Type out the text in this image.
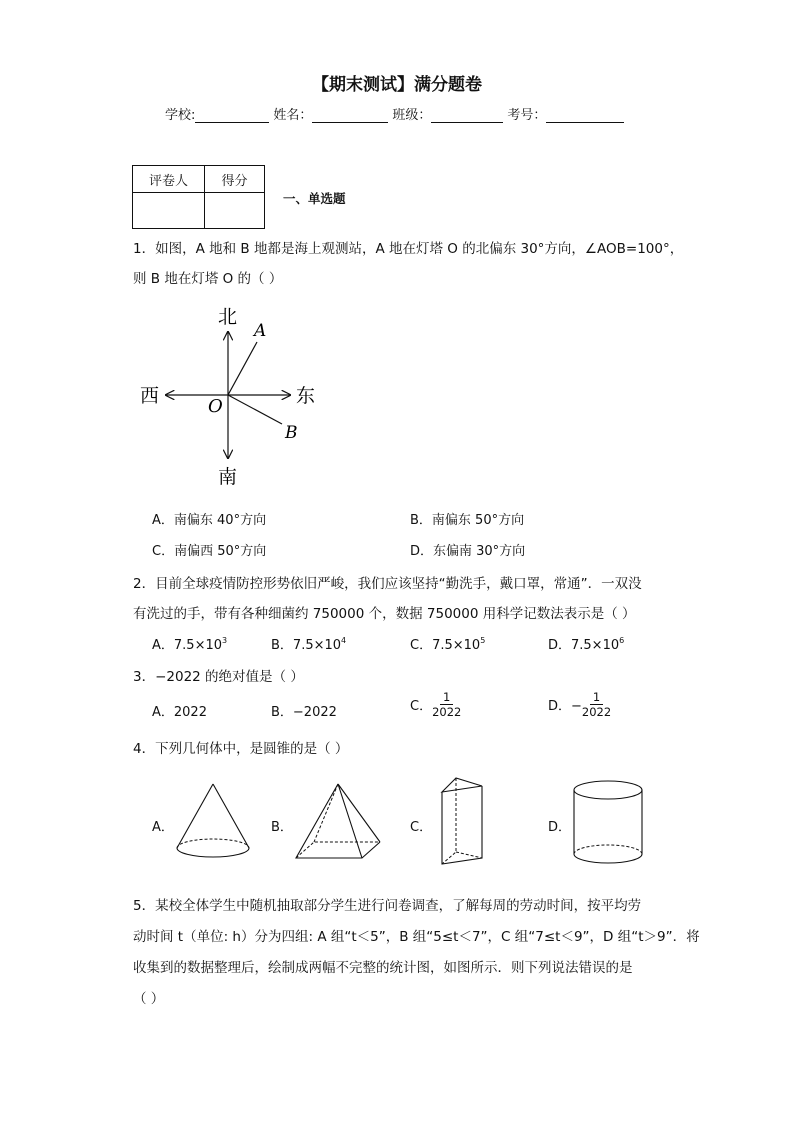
【期末测试】满分题卷
学校:	姓名：	班级：	考号：
评卷人	得分

一、单选题
1．如图，A 地和 B 地都是海上观测站，A 地在灯塔 O 的北偏东 30°方向，∠AOB=100°，
则 B 地在灯塔 O 的（ ）
北
南
东
西	O
A
B
A．南偏东 40°方向	B．南偏东 50°方向
C．南偏西 50°方向	D．东偏南 30°方向
2．目前全球疫情防控形势依旧严峻，我们应该坚持“勤洗手，戴口罩，常通”．一双没
有洗过的手，带有各种细菌约 750000 个，数据 750000 用科学记数法表示是（ ）
A．$7.5\times 10^3$	B．$7.5\times 10^4$	C．$7.5\times 10^5$	D．$7.5\times 10^6$
3．−2022 的绝对值是（ ）
A．2022	B．−2022	C． $\frac{1}{2022}$	D．− $\frac{1}{2022}$
4．下列几何体中，是圆锥的是（ ）
A．	B．	C．	D．
5．某校全体学生中随机抽取部分学生进行问卷调查，了解每周的劳动时间，按平均劳
动时间 t（单位: h）分为四组: A 组“t＜5”，B 组“5≤t＜7”，C 组“7≤t＜9”，D 组“t＞9”．将
收集到的数据整理后，绘制成两幅不完整的统计图，如图所示．则下列说法错误的是
（ ）
